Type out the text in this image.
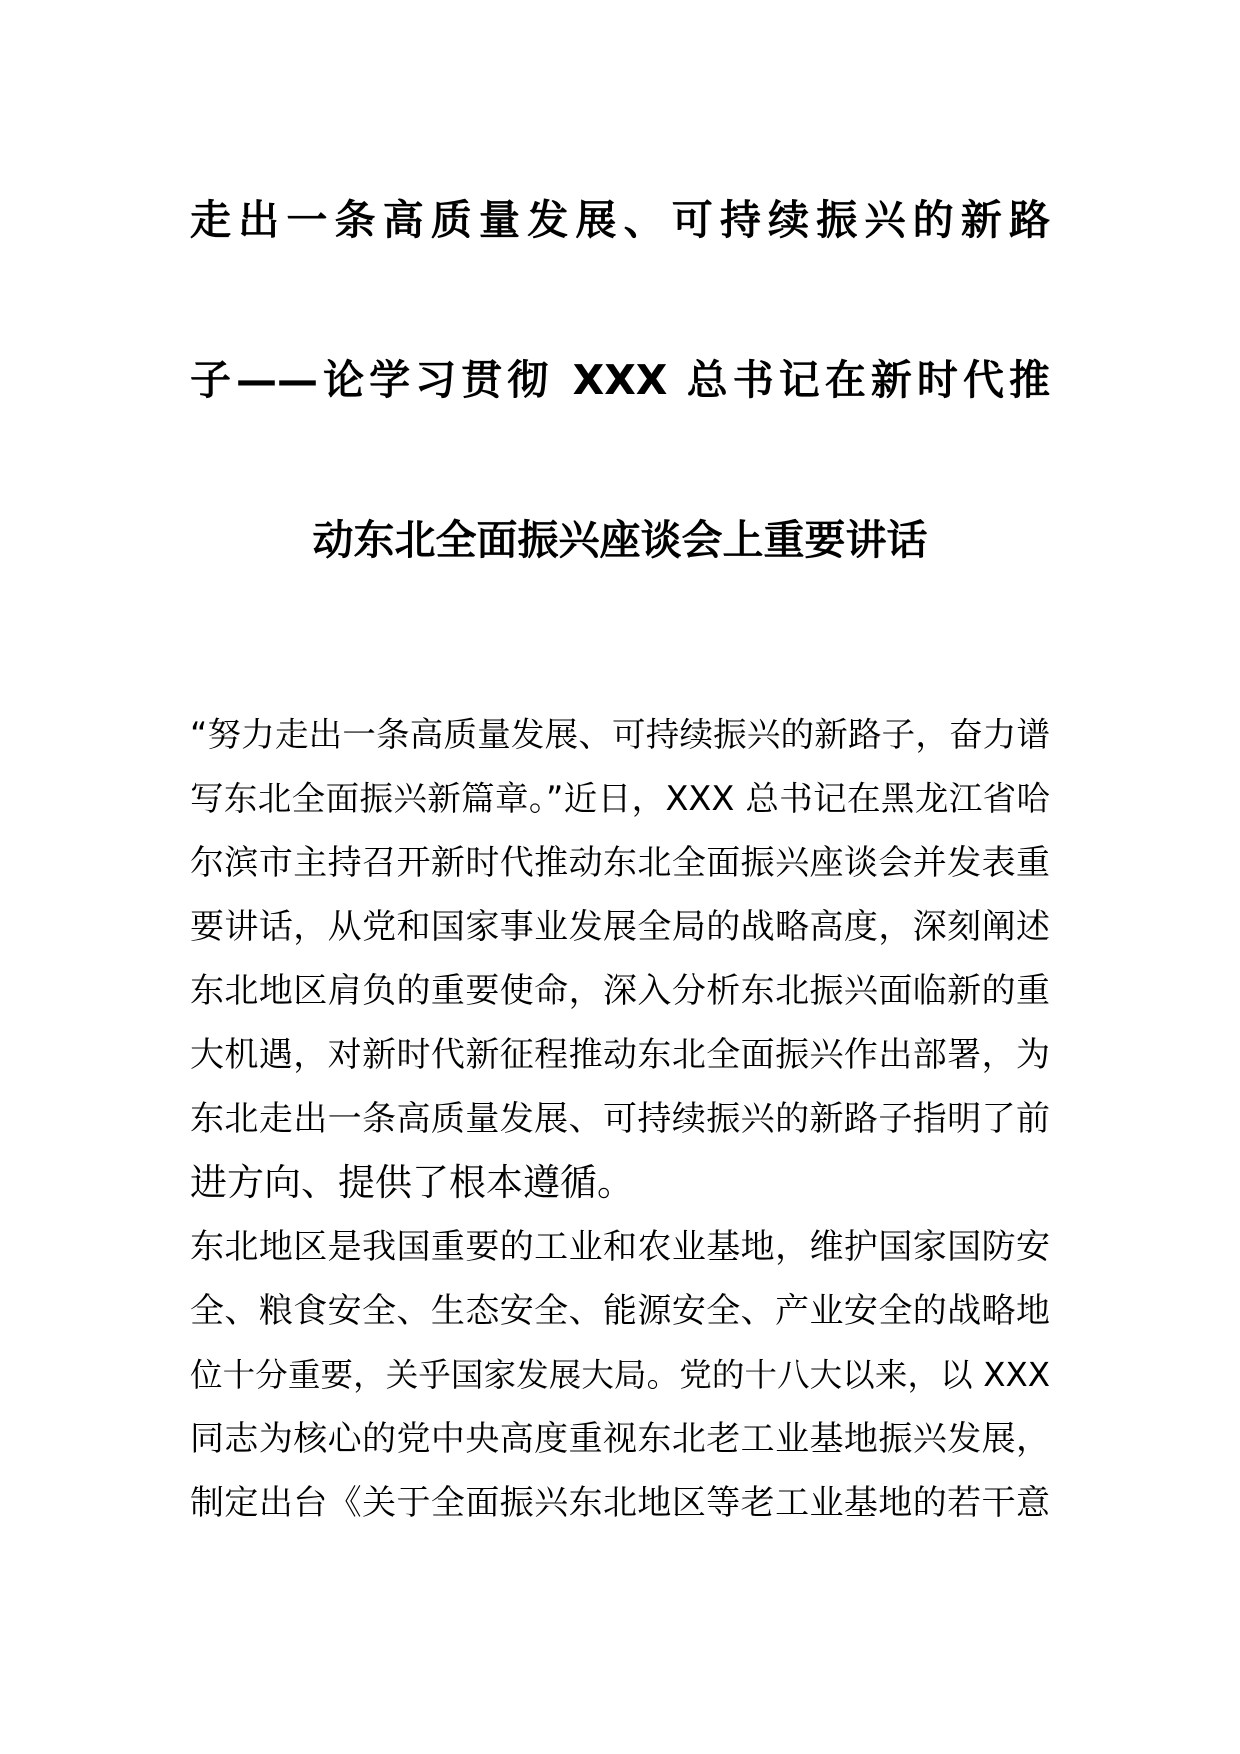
走出一条高质量发展、可持续振兴的新路
子——论学习贯彻 XXX 总书记在新时代推
动东北全面振兴座谈会上重要讲话
“努力走出一条高质量发展、可持续振兴的新路子，奋力谱
写东北全面振兴新篇章。”近日，XXX 总书记在黑龙江省哈
尔滨市主持召开新时代推动东北全面振兴座谈会并发表重
要讲话，从党和国家事业发展全局的战略高度，深刻阐述
东北地区肩负的重要使命，深入分析东北振兴面临新的重
大机遇，对新时代新征程推动东北全面振兴作出部署，为
东北走出一条高质量发展、可持续振兴的新路子指明了前
进方向、提供了根本遵循。
东北地区是我国重要的工业和农业基地，维护国家国防安
全、粮食安全、生态安全、能源安全、产业安全的战略地
位十分重要，关乎国家发展大局。党的十八大以来，以 XXX
同志为核心的党中央高度重视东北老工业基地振兴发展，
制定出台《关于全面振兴东北地区等老工业基地的若干意
